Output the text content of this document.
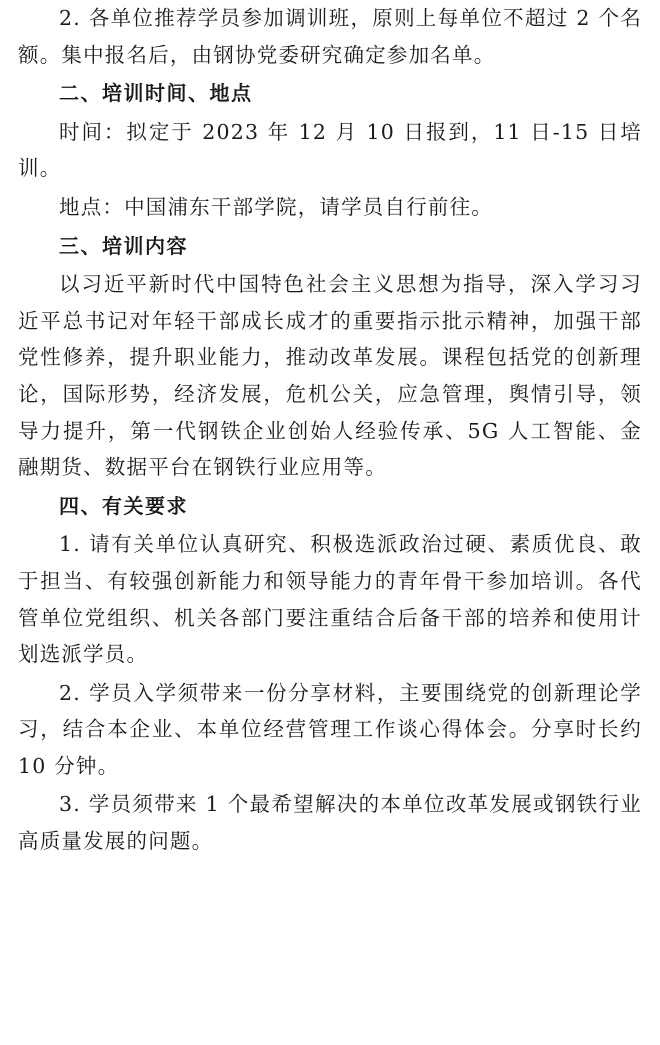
2. 各单位推荐学员参加调训班，原则上每单位不超过 2 个名额。集中报名后，由钢协党委研究确定参加名单。

二、培训时间、地点

时间：拟定于 2023 年 12 月 10 日报到，11 日-15 日培训。

地点：中国浦东干部学院，请学员自行前往。

三、培训内容

以习近平新时代中国特色社会主义思想为指导，深入学习习近平总书记对年轻干部成长成才的重要指示批示精神，加强干部党性修养，提升职业能力，推动改革发展。课程包括党的创新理论，国际形势，经济发展，危机公关，应急管理，舆情引导，领导力提升，第一代钢铁企业创始人经验传承、5G 人工智能、金融期货、数据平台在钢铁行业应用等。

四、有关要求

1. 请有关单位认真研究、积极选派政治过硬、素质优良、敢于担当、有较强创新能力和领导能力的青年骨干参加培训。各代管单位党组织、机关各部门要注重结合后备干部的培养和使用计划选派学员。

2. 学员入学须带来一份分享材料，主要围绕党的创新理论学习，结合本企业、本单位经营管理工作谈心得体会。分享时长约 10 分钟。

3. 学员须带来 1 个最希望解决的本单位改革发展或钢铁行业高质量发展的问题。
